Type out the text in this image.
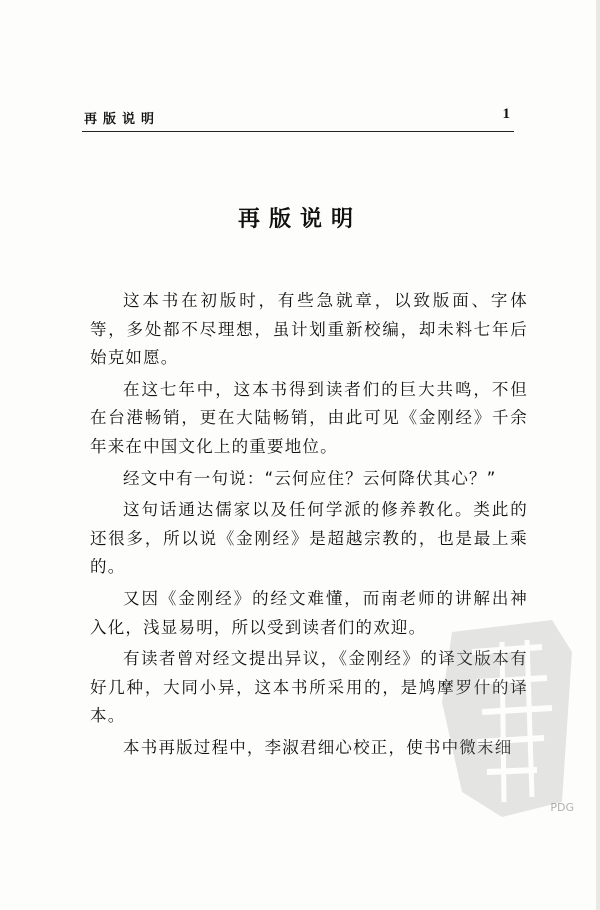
再版说明	1
再版说明

这本书在初版时，有些急就章，以致版面、字体等，多处都不尽理想，虽计划重新校编，却未料七年后始克如愿。

在这七年中，这本书得到读者们的巨大共鸣，不但在台港畅销，更在大陆畅销，由此可见《金刚经》千余年来在中国文化上的重要地位。

经文中有一句说：“云何应住？云何降伏其心？”

这句话通达儒家以及任何学派的修养教化。类此的还很多，所以说《金刚经》是超越宗教的，也是最上乘的。

又因《金刚经》的经文难懂，而南老师的讲解出神入化，浅显易明，所以受到读者们的欢迎。

有读者曾对经文提出异议，《金刚经》的译文版本有好几种，大同小异，这本书所采用的，是鸠摩罗什的译本。

本书再版过程中，李淑君细心校正，使书中微末细

PDG
